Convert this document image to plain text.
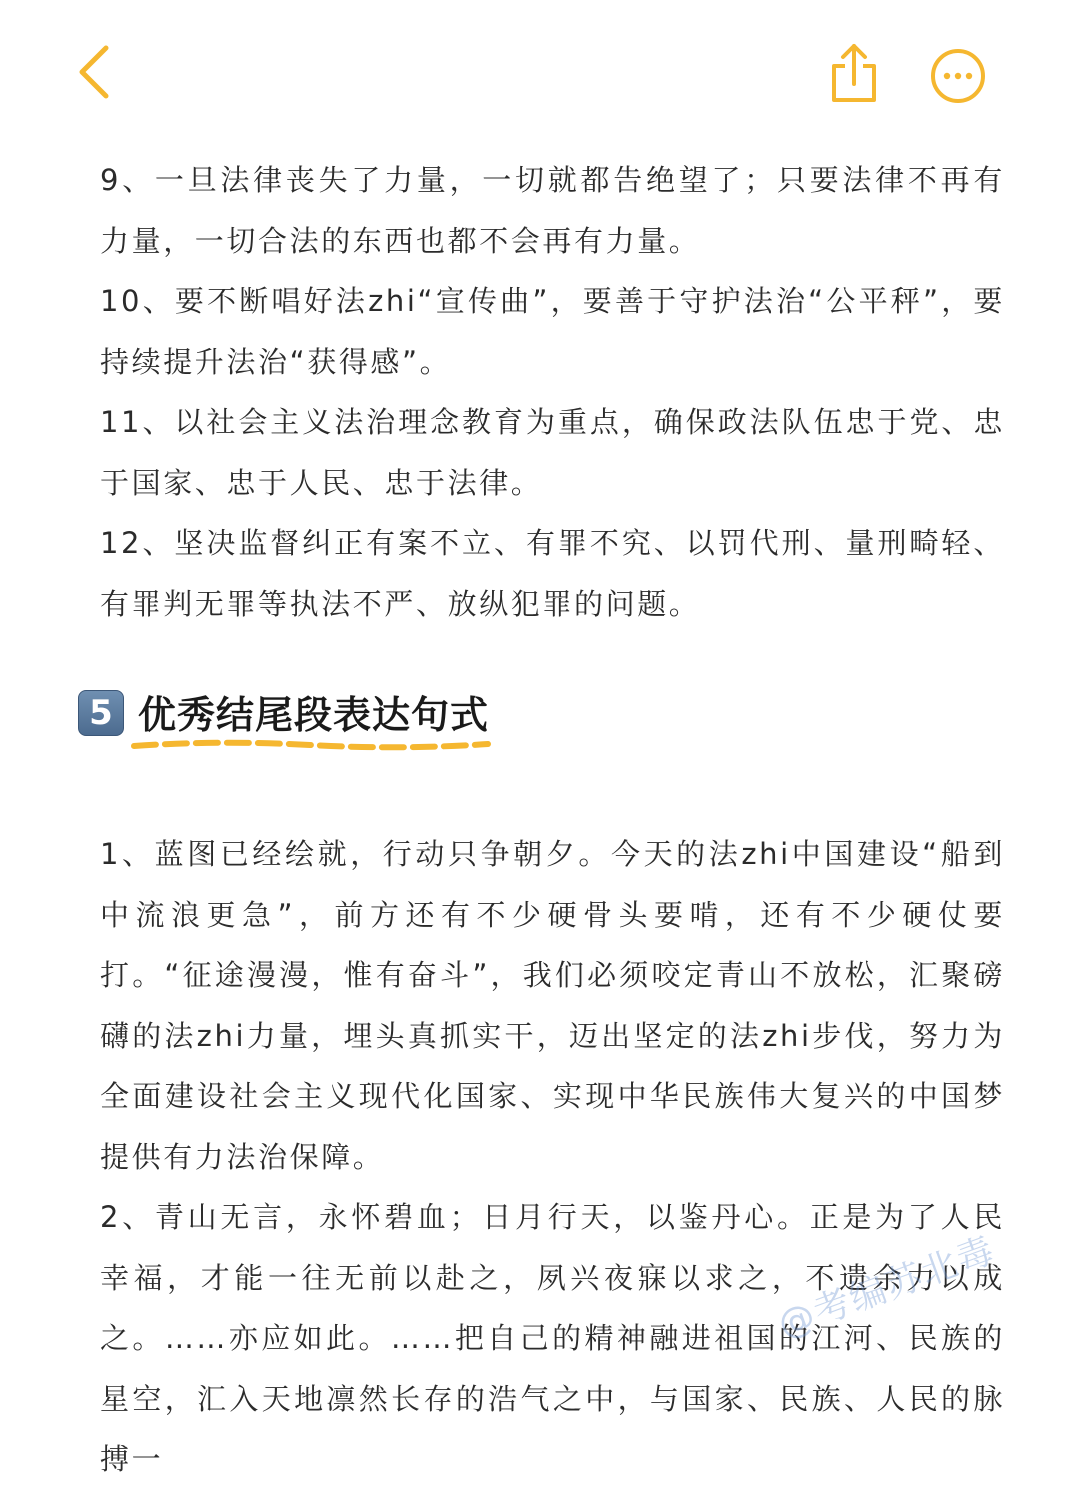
9、一旦法律丧失了力量，一切就都告绝望了；只要法律不再有力量，一切合法的东西也都不会再有力量。

10、要不断唱好法zhi“宣传曲”，要善于守护法治“公平秤”，要持续提升法治“获得感”。

11、以社会主义法治理念教育为重点，确保政法队伍忠于党、忠于国家、忠于人民、忠于法律。

12、坚决监督纠正有案不立、有罪不究、以罚代刑、量刑畸轻、有罪判无罪等执法不严、放纵犯罪的问题。

5 优秀结尾段表达句式

1、蓝图已经绘就，行动只争朝夕。今天的法zhi中国建设“船到中流浪更急”，前方还有不少硬骨头要啃，还有不少硬仗要打。“征途漫漫，惟有奋斗”，我们必须咬定青山不放松，汇聚磅礴的法zhi力量，埋头真抓实干，迈出坚定的法zhi步伐，努力为全面建设社会主义现代化国家、实现中华民族伟大复兴的中国梦提供有力法治保障。

2、青山无言，永怀碧血；日月行天，以鉴丹心。正是为了人民幸福，才能一往无前以赴之，夙兴夜寐以求之，不遗余力以成之。……亦应如此。……把自己的精神融进祖国的江河、民族的星空，汇入天地凛然长存的浩气之中，与国家、民族、人民的脉搏一

@考编苏北毒
